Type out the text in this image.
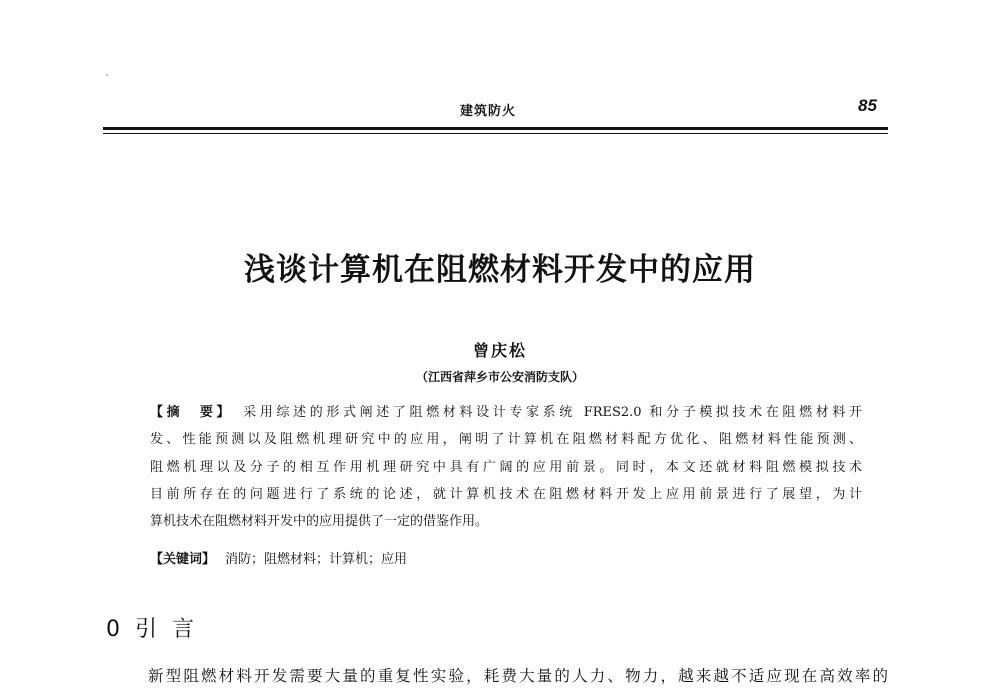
建筑防火	85
浅谈计算机在阻燃材料开发中的应用
曾庆松
（江西省萍乡市公安消防支队）
【摘　要】 采用综述的形式阐述了阻燃材料设计专家系统 FRES2.0 和分子模拟技术在阻燃材料开
发、性能预测以及阻燃机理研究中的应用，阐明了计算机在阻燃材料配方优化、阻燃材料性能预测、
阻燃机理以及分子的相互作用机理研究中具有广阔的应用前景。同时，本文还就材料阻燃模拟技术
目前所存在的问题进行了系统的论述，就计算机技术在阻燃材料开发上应用前景进行了展望，为计
算机技术在阻燃材料开发中的应用提供了一定的借鉴作用。
【关键词】 消防；阻燃材料；计算机；应用
0 引 言
新型阻燃材料开发需要大量的重复性实验，耗费大量的人力、物力，越来越不适应现在高效率的
